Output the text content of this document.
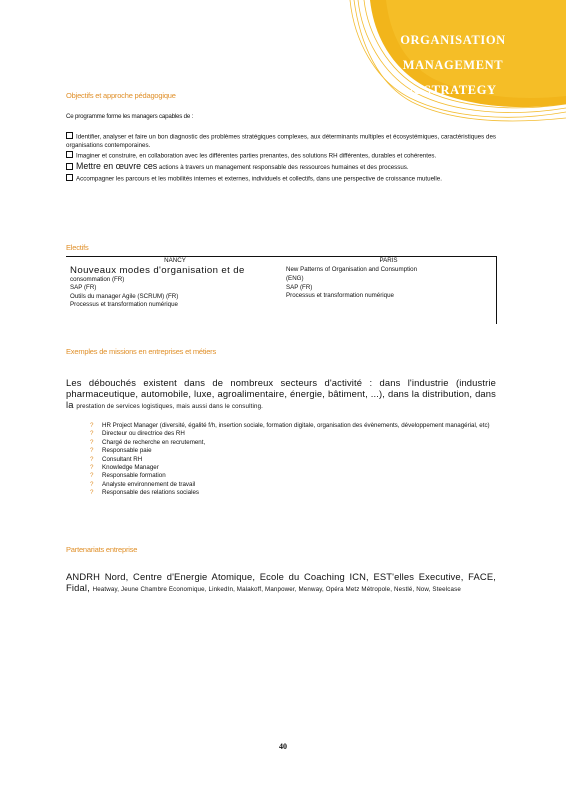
ORGANISATION
MANAGEMENT
& STRATEGY
Objectifs et approche pédagogique
Ce programme forme les managers capables de :
Identifier, analyser et faire un bon diagnostic des problèmes stratégiques complexes, aux déterminants multiples et écosystémiques, caractéristiques des organisations contemporaines.
Imaginer et construire, en collaboration avec les différentes parties prenantes, des solutions RH différentes, durables et cohérentes.
Mettre en œuvre ces actions à travers un management responsable des ressources humaines et des processus.
Accompagner les parcours et les mobilités internes et externes, individuels et collectifs, dans une perspective de croissance mutuelle.
Electifs
NANCY
Nouveaux modes d'organisation et de
consommation (FR)
SAP (FR)
Outils du manager Agile (SCRUM) (FR)
Processus et transformation numérique
PARIS
New Patterns of Organisation and Consumption
(ENG)
SAP (FR)
Processus et transformation numérique
Exemples de missions en entreprises et métiers
Les débouchés existent dans de nombreux secteurs d'activité : dans l'industrie (industrie pharmaceutique, automobile, luxe, agroalimentaire, énergie, bâtiment, ...), dans la distribution, dans la prestation de services logistiques, mais aussi dans le consulting.
?	HR Project Manager (diversité, égalité f/h, insertion sociale, formation digitale, organisation des évènements, développement managérial, etc)
?	Directeur ou directrice des RH
?	Chargé de recherche en recrutement,
?	Responsable paie
?	Consultant RH
?	Knowledge Manager
?	Responsable formation
?	Analyste environnement de travail
?	Responsable des relations sociales
Partenariats entreprise
ANDRH Nord, Centre d'Energie Atomique, Ecole du Coaching ICN, EST'elles Executive, FACE, Fidal, Heatway, Jeune Chambre Economique, LinkedIn, Malakoff, Manpower, Menway, Opéra Metz Métropole, Nestlé, Now, Steelcase
40
